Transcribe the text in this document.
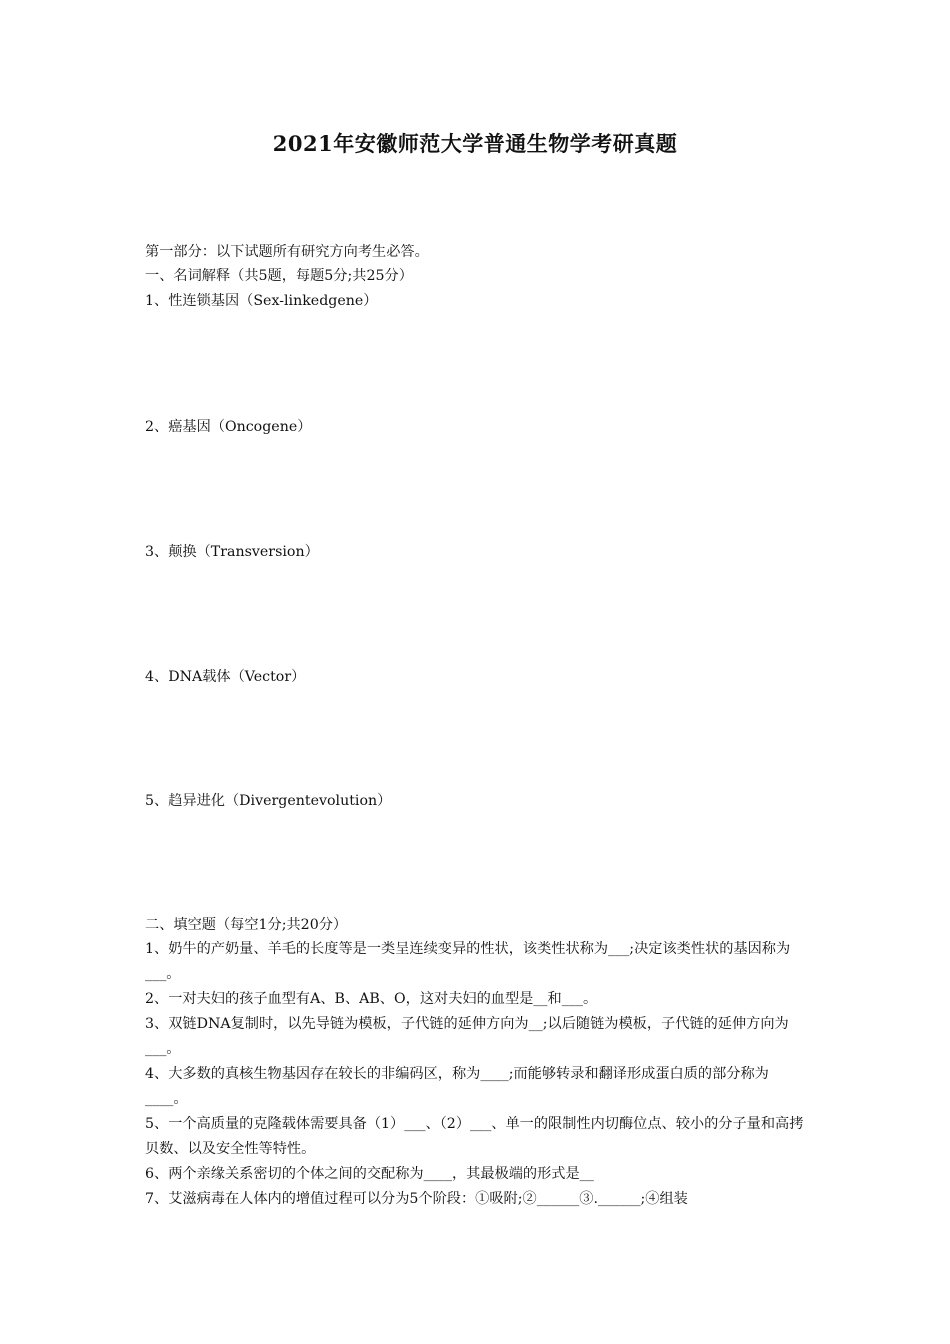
2021年安徽师范大学普通生物学考研真题
第一部分：以下试题所有研究方向考生必答。
一、名词解释（共5题，每题5分;共25分）
1、性连锁基因（Sex-linkedgene）
2、癌基因（Oncogene）
3、颠换（Transversion）
4、DNA载体（Vector）
5、趋异进化（Divergentevolution）
二、填空题（每空1分;共20分）
1、奶牛的产奶量、羊毛的长度等是一类呈连续变异的性状，该类性状称为___;决定该类性状的基因称为___。
2、一对夫妇的孩子血型有A、B、AB、O，这对夫妇的血型是__和___。
3、双链DNA复制时，以先导链为模板，子代链的延伸方向为__;以后随链为模板，子代链的延伸方向为___。
4、大多数的真核生物基因存在较长的非编码区，称为____;而能够转录和翻译形成蛋白质的部分称为____。
5、一个高质量的克隆载体需要具备（1）___、（2）___、单一的限制性内切酶位点、较小的分子量和高拷贝数、以及安全性等特性。
6、两个亲缘关系密切的个体之间的交配称为____，其最极端的形式是__
7、艾滋病毒在人体内的增值过程可以分为5个阶段：①吸附;②______③.______;④组装
